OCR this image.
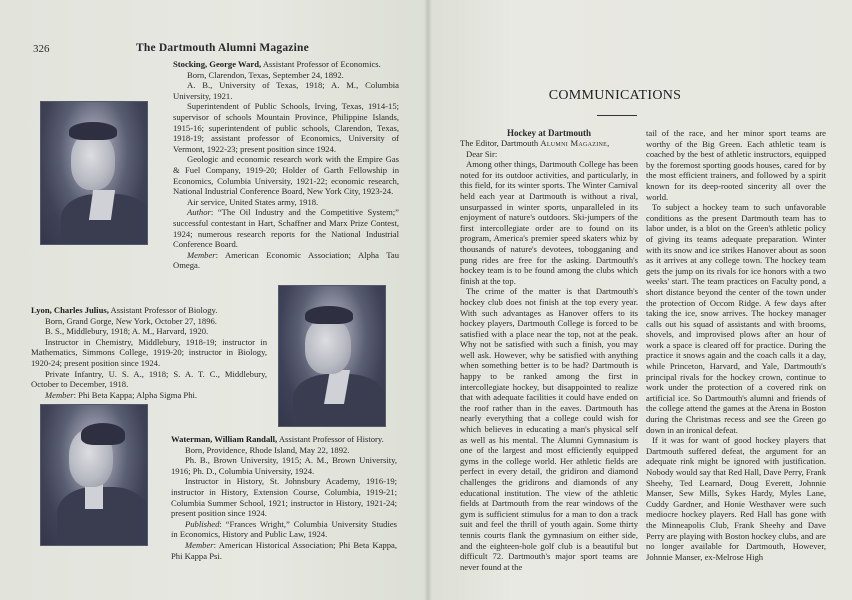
326	The Dartmouth Alumni Magazine

Stocking, George Ward, Assistant Professor of Economics.

Born, Clarendon, Texas, September 24, 1892.

A. B., University of Texas, 1918; A. M., Columbia University, 1921.

Superintendent of Public Schools, Irving, Texas, 1914-15; supervisor of schools Mountain Province, Philippine Islands, 1915-16; superintendent of public schools, Clarendon, Texas, 1918-19; assistant professor of Economics, University of Vermont, 1922-23; present position since 1924.

Geologic and economic research work with the Empire Gas & Fuel Company, 1919-20; Holder of Garth Fellowship in Economics, Columbia University, 1921-22; economic research, National Industrial Conference Board, New York City, 1923-24.

Air service, United States army, 1918.

Author: “The Oil Industry and the Competitive System;” successful contestant in Hart, Schaffner and Marx Prize Contest, 1924; numerous research reports for the National Industrial Conference Board.

Member: American Economic Association; Alpha Tau Omega.

Lyon, Charles Julius, Assistant Professor of Biology.

Born, Grand Gorge, New York, October 27, 1896.

B. S., Middlebury, 1918; A. M., Harvard, 1920.

Instructor in Chemistry, Middlebury, 1918-19; instructor in Mathematics, Simmons College, 1919-20; instructor in Biology, 1920-24; present position since 1924.

Private Infantry, U. S. A., 1918; S. A. T. C., Middlebury, October to December, 1918.

Member: Phi Beta Kappa; Alpha Sigma Phi.

Waterman, William Randall, Assistant Professor of History.

Born, Providence, Rhode Island, May 22, 1892.

Ph. B., Brown University, 1915; A. M., Brown University, 1916; Ph. D., Columbia University, 1924.

Instructor in History, St. Johnsbury Academy, 1916-19; instructor in History, Extension Course, Columbia, 1919-21; Columbia Summer School, 1921; instructor in History, 1921-24; present position since 1924.

Published: “Frances Wright,” Columbia University Studies in Economics, History and Public Law, 1924.

Member: American Historical Association; Phi Beta Kappa, Phi Kappa Psi.

COMMUNICATIONS
Hockey at Dartmouth

The Editor, Dartmouth Alumni Magazine,

Dear Sir:

Among other things, Dartmouth College has been noted for its outdoor activities, and particularly, in this field, for its winter sports. The Winter Carnival held each year at Dartmouth is without a rival, unsurpassed in winter sports, unparalleled in its enjoyment of nature's outdoors. Ski-jumpers of the first intercollegiate order are to found on its program, America's premier speed skaters whiz by thousands of nature's devotees, tobogganing and pung rides are free for the asking. Dartmouth's hockey team is to be found among the clubs which finish at the top.

The crime of the matter is that Dartmouth's hockey club does not finish at the top every year. With such advantages as Hanover offers to its hockey players, Dartmouth College is forced to be satisfied with a place near the top, not at the peak. Why not be satisfied with such a finish, you may well ask. However, why be satisfied with anything when something better is to be had? Dartmouth is happy to be ranked among the first in intercollegiate hockey, but disappointed to realize that with adequate facilities it could have ended on the roof rather than in the eaves. Dartmouth has nearly everything that a college could wish for which believes in educating a man's physical self as well as his mental. The Alumni Gymnasium is one of the largest and most efficiently equipped gyms in the college world. Her athletic fields are perfect in every detail, the gridiron and diamond challenges the gridirons and diamonds of any educational institution. The view of the athletic fields at Dartmouth from the rear windows of the gym is sufficient stimulus for a man to don a track suit and feel the thrill of youth again. Some thirty tennis courts flank the gymnasium on either side, and the eighteen-hole golf club is a beautiful but difficult 72. Dartmouth's major sport teams are never found at the

tail of the race, and her minor sport teams are worthy of the Big Green. Each athletic team is coached by the best of athletic instructors, equipped by the foremost sporting goods houses, cared for by the most efficient trainers, and followed by a spirit known for its deep-rooted sincerity all over the world.

To subject a hockey team to such unfavorable conditions as the present Dartmouth team has to labor under, is a blot on the Green's athletic policy of giving its teams adequate preparation. Winter with its snow and ice strikes Hanover about as soon as it arrives at any college town. The hockey team gets the jump on its rivals for ice honors with a two weeks' start. The team practices on Faculty pond, a short distance beyond the center of the town under the protection of Occom Ridge. A few days after taking the ice, snow arrives. The hockey manager calls out his squad of assistants and with brooms, shovels, and improvised plows after an hour of work a space is cleared off for practice. During the practice it snows again and the coach calls it a day, while Princeton, Harvard, and Yale, Dartmouth's principal rivals for the hockey crown, continue to work under the protection of a covered rink on artificial ice. So Dartmouth's alumni and friends of the college attend the games at the Arena in Boston during the Christmas recess and see the Green go down in an ironical defeat.

If it was for want of good hockey players that Dartmouth suffered defeat, the argument for an adequate rink might be ignored with justification. Nobody would say that Red Hall, Dave Perry, Frank Sheehy, Ted Learnard, Doug Everett, Johnnie Manser, Sew Mills, Sykes Hardy, Myles Lane, Cuddy Gardner, and Honie Westhaver were such mediocre hockey players. Red Hall has gone with the Minneapolis Club, Frank Sheehy and Dave Perry are playing with Boston hockey clubs, and are no longer available for Dartmouth, However, Johnnie Manser, ex-Melrose High
